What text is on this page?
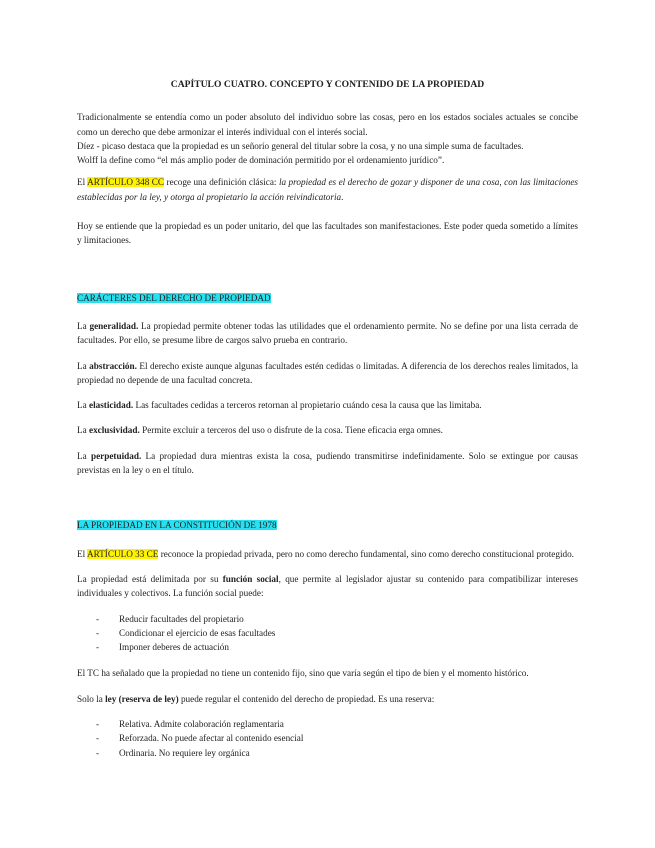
CAPÍTULO CUATRO. CONCEPTO Y CONTENIDO DE LA PROPIEDAD

Tradicionalmente se entendía como un poder absoluto del individuo sobre las cosas, pero en los estados sociales actuales se concibe como un derecho que debe armonizar el interés individual con el interés social.
Díez - picaso destaca que la propiedad es un señorío general del titular sobre la cosa, y no una simple suma de facultades.
Wolff la define como “el más amplio poder de dominación permitido por el ordenamiento jurídico”.

El ARTÍCULO 348 CC recoge una definición clásica: la propiedad es el derecho de gozar y disponer de una cosa, con las limitaciones establecidas por la ley, y otorga al propietario la acción reivindicatoria.

Hoy se entiende que la propiedad es un poder unitario, del que las facultades son manifestaciones. Este poder queda sometido a límites y limitaciones.

CARÁCTERES DEL DERECHO DE PROPIEDAD

La generalidad. La propiedad permite obtener todas las utilidades que el ordenamiento permite. No se define por una lista cerrada de facultades. Por ello, se presume libre de cargos salvo prueba en contrario.

La abstracción. El derecho existe aunque algunas facultades estén cedidas o limitadas. A diferencia de los derechos reales limitados, la propiedad no depende de una facultad concreta.

La elasticidad. Las facultades cedidas a terceros retornan al propietario cuándo cesa la causa que las limitaba.

La exclusividad. Permite excluir a terceros del uso o disfrute de la cosa. Tiene eficacia erga omnes.

La perpetuidad. La propiedad dura mientras exista la cosa, pudiendo transmitirse indefinidamente. Solo se extingue por causas previstas en la ley o en el título.

LA PROPIEDAD EN LA CONSTITUCIÓN DE 1978

El ARTÍCULO 33 CE reconoce la propiedad privada, pero no como derecho fundamental, sino como derecho constitucional protegido.

La propiedad está delimitada por su función social, que permite al legislador ajustar su contenido para compatibilizar intereses individuales y colectivos. La función social puede:

- Reducir facultades del propietario
- Condicionar el ejercicio de esas facultades
- Imponer deberes de actuación

El TC ha señalado que la propiedad no tiene un contenido fijo, sino que varía según el tipo de bien y el momento histórico.

Solo la ley (reserva de ley) puede regular el contenido del derecho de propiedad. Es una reserva:

- Relativa. Admite colaboración reglamentaria
- Reforzada. No puede afectar al contenido esencial
- Ordinaria. No requiere ley orgánica
